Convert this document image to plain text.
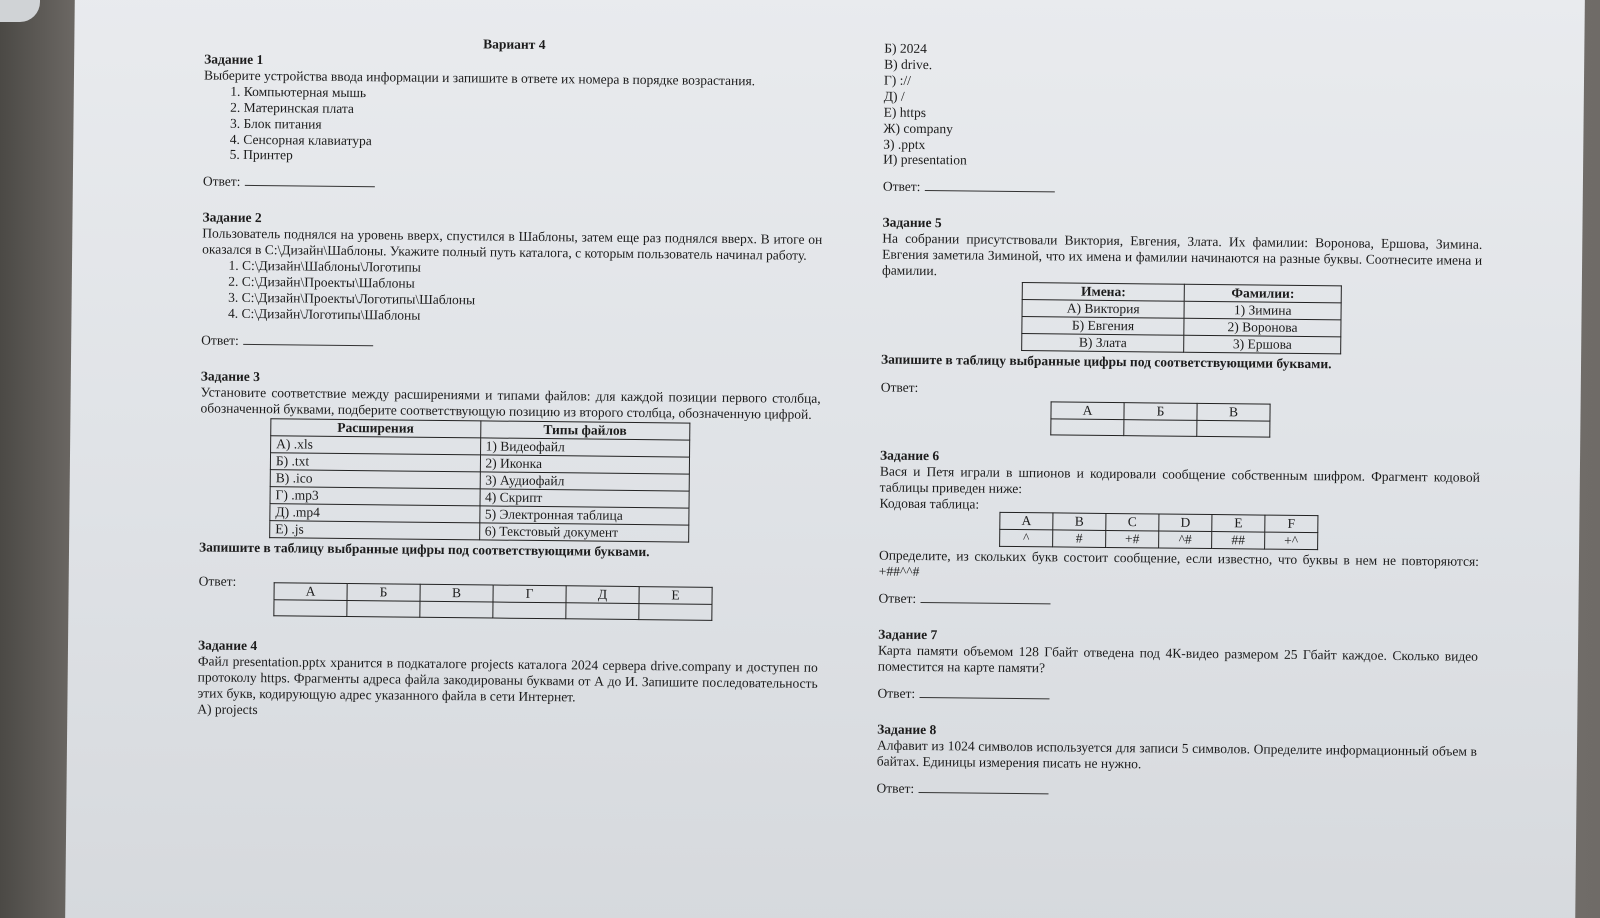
Вариант 4

Задание 1

Выберите устройства ввода информации и запишите в ответе их номера в порядке возрастания.

1. Компьютерная мышь
2. Материнская плата
3. Блок питания
4. Сенсорная клавиатура
5. Принтер

Ответ:

Задание 2

Пользователь поднялся на уровень вверх, спустился в Шаблоны, затем еще раз поднялся вверх. В итоге он оказался в C:\Дизайн\Шаблоны. Укажите полный путь каталога, с которым пользователь начинал работу.

1. C:\Дизайн\Шаблоны\Логотипы
2. C:\Дизайн\Проекты\Шаблоны
3. C:\Дизайн\Проекты\Логотипы\Шаблоны
4. C:\Дизайн\Логотипы\Шаблоны

Ответ:

Задание 3

Установите соответствие между расширениями и типами файлов: для каждой позиции первого столбца, обозначенной буквами, подберите соответствующую позицию из второго столбца, обозначенную цифрой.

Расширения	Типы файлов
А) .xls	1) Видеофайл
Б) .txt	2) Иконка
В) .ico	3) Аудиофайл
Г) .mp3	4) Скрипт
Д) .mp4	5) Электронная таблица
Е) .js	6) Текстовый документ

Запишите в таблицу выбранные цифры под соответствующими буквами.

Ответ:
А	Б	В	Г	Д	Е

Задание 4

Файл presentation.pptx хранится в подкаталоге projects каталога 2024 сервера drive.company и доступен по протоколу https. Фрагменты адреса файла закодированы буквами от А до И. Запишите последовательность этих букв, кодирующую адрес указанного файла в сети Интернет.

А) projects

Б) 2024

В) drive.

Г) ://

Д) /

Е) https

Ж) company

З) .pptx

И) presentation

Ответ:

Задание 5

На собрании присутствовали Виктория, Евгения, Злата. Их фамилии: Воронова, Ершова, Зимина. Евгения заметила Зиминой, что их имена и фамилии начинаются на разные буквы. Соотнесите имена и фамилии.

Имена:	Фамилии:
А) Виктория	1) Зимина
Б) Евгения	2) Воронова
В) Злата	3) Ершова

Запишите в таблицу выбранные цифры под соответствующими буквами.

Ответ:

А	Б	В

Задание 6

Вася и Петя играли в шпионов и кодировали сообщение собственным шифром. Фрагмент кодовой таблицы приведен ниже:

Кодовая таблица:

A	B	C	D	E	F
^	#	+#	^#	##	+^

Определите, из скольких букв состоит сообщение, если известно, что буквы в нем не повторяются: +##^^#

Ответ:

Задание 7

Карта памяти объемом 128 Гбайт отведена под 4К-видео размером 25 Гбайт каждое. Сколько видео поместится на карте памяти?

Ответ:

Задание 8

Алфавит из 1024 символов используется для записи 5 символов. Определите информационный объем в байтах. Единицы измерения писать не нужно.

Ответ:
